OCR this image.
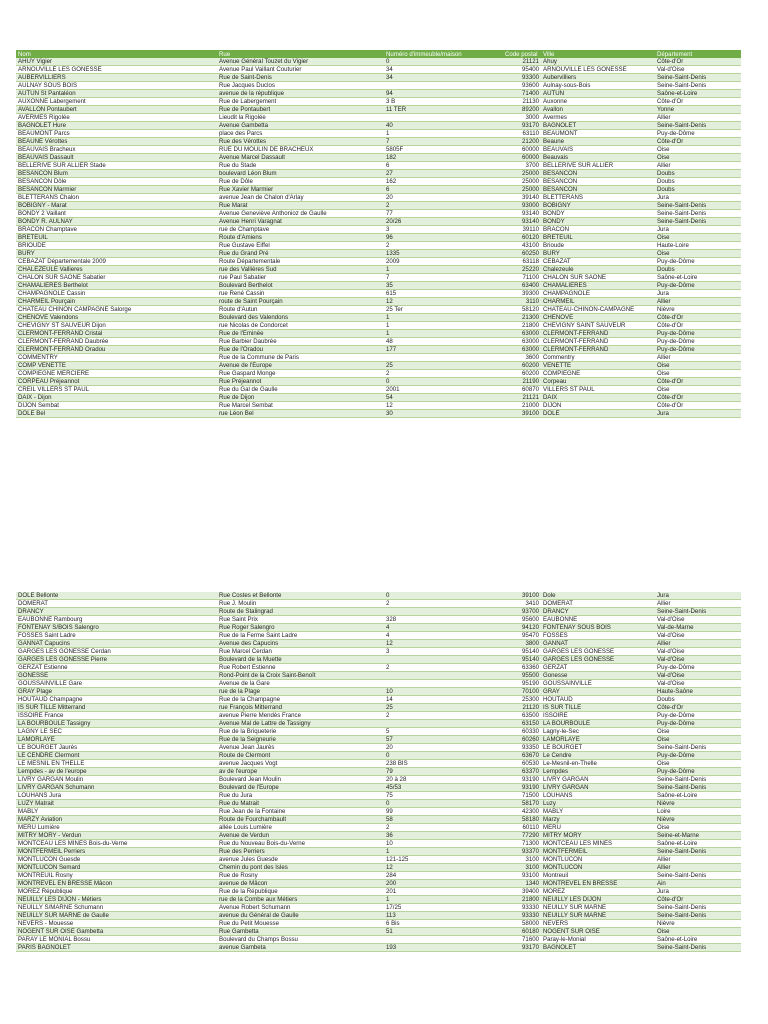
Nom	Rue	Numéro d'immeuble/maison	Code postal	Ville	Département
AHUY Vigier	Avenue Général Touzet du Vigier	0	21121	Ahuy	Côte-d'Or
ARNOUVILLE LES GONESSE	Avenue Paul Vaillant Couturier	34	95400	ARNOUVILLE LES GONESSE	Val-d'Oise
AUBERVILLIERS	Rue de Saint-Denis	34	93300	Aubervilliers	Seine-Saint-Denis
AULNAY SOUS BOIS	Rue Jacques Duclos		93600	Aulnay-sous-Bois	Seine-Saint-Denis
AUTUN St Pantaléon	avenue de la république	94	71400	AUTUN	Saône-et-Loire
AUXONNE Labergement	Rue de Labergement	3 B	21130	Auxonne	Côte-d'Or
AVALLON Pontaubert	Rue de Pontaubert	11 TER	89200	Avallon	Yonne
AVERMES Rigolée	Lieudit la Rigolée		3000	Avermes	Allier
BAGNOLET Hure	Avenue Gambetta	40	93170	BAGNOLET	Seine-Saint-Denis
BEAUMONT Parcs	place des Parcs	1	63110	BEAUMONT	Puy-de-Dôme
BEAUNE Vérottes	Rue des Vérottes	7	21200	Beaune	Côte-d'Or
BEAUVAIS Bracheux	RUE DU MOULIN DE BRACHEUX	5805F	60000	BEAUVAIS	Oise
BEAUVAIS Dassault	Avenue Marcel Dassault	182	60000	Beauvais	Oise
BELLERIVE SUR ALLIER Stade	Rue du Stade	6	3700	BELLERIVE SUR ALLIER	Allier
BESANCON Blum	boulevard Léon Blum	27	25000	BESANCON	Doubs
BESANCON Dôle	Rue de Dôle	162	25000	BESANCON	Doubs
BESANCON Marmier	Rue Xavier Marmier	6	25000	BESANCON	Doubs
BLETTERANS Chalon	avenue Jean de Chalon d'Arlay	20	39140	BLETTERANS	Jura
BOBIGNY - Marat	Rue Marat	2	93000	BOBIGNY	Seine-Saint-Denis
BONDY 2 Vaillant	Avenue Geneviève Anthonioz de Gaulle	77	93140	BONDY	Seine-Saint-Denis
BONDY R. AULNAY	Avenue Henri Varagnat	20/26	93140	BONDY	Seine-Saint-Denis
BRACON Champtave	rue de Champtave	3	39110	BRACON	Jura
BRETEUIL	Route d'Amiens	96	60120	BRETEUIL	Oise
BRIOUDE	Rue Gustave Eiffel	2	43100	Brioude	Haute-Loire
BURY	Rue du Grand Pré	1335	60250	BURY	Oise
CEBAZAT Départementale 2009	Route Départementale	2009	63118	CEBAZAT	Puy-de-Dôme
CHALEZEULE Vallieres	rue des Vallières Sud	1	25220	Chalezeule	Doubs
CHALON SUR SAONE Sabatier	rue Paul Sabatier	7	71100	CHALON SUR SAONE	Saône-et-Loire
CHAMALIERES Berthelot	Boulevard Berthelot	35	63400	CHAMALIERES	Puy-de-Dôme
CHAMPAGNOLE Cassin	rue René Cassin	615	39300	CHAMPAGNOLE	Jura
CHARMEIL Pourçain	route de Saint Pourçain	12	3110	CHARMEIL	Allier
CHATEAU CHINON CAMPAGNE Salorge	Route d'Autun	25 Ter	58120	CHATEAU-CHINON-CAMPAGNE	Nièvre
CHENOVE Valendons	Boulevard des Valendons	1	21300	CHENOVE	Côte-d'Or
CHEVIGNY ST SAUVEUR Dijon	rue Nicolas de Condorcet	1	21800	CHEVIGNY SAINT SAUVEUR	Côte-d'Or
CLERMONT-FERRAND Cristal	Rue de l'Eminée	1	63000	CLERMONT-FERRAND	Puy-de-Dôme
CLERMONT-FERRAND Daubrée	Rue Barbier Daubrée	48	63000	CLERMONT-FERRAND	Puy-de-Dôme
CLERMONT-FERRAND Oradou	Rue de l'Oradou	177	63000	CLERMONT-FERRAND	Puy-de-Dôme
COMMENTRY	Rue de la Commune de Paris		3600	Commentry	Allier
COMP VENETTE	Avenue de l'Europe	25	60200	VENETTE	Oise
COMPIEGNE MERCIERE	Rue Gaspard Monge	2	60200	COMPIEGNE	Oise
CORPEAU Préjeannot	Rue Préjeannot	0	21190	Corpeau	Côte-d'Or
CREIL VILLERS ST PAUL	Rue du Gal de Gaulle	2001	60870	VILLERS ST PAUL	Oise
DAIX - Dijon	Rue de Dijon	54	21121	DAIX	Côte-d'Or
DIJON Sembat	Rue Marcel Sembat	12	21000	DIJON	Côte-d'Or
DOLE Bel	rue Léon Bel	30	39100	DOLE	Jura
DOLE Bellonte	Rue Costes et Bellonte	0	39100	Dole	Jura
DOMERAT	Rue J. Moulin	2	3410	DOMERAT	Allier
DRANCY	Route de Stalingrad		93700	DRANCY	Seine-Saint-Denis
EAUBONNE Rambourg	Rue Saint Prix	328	95600	EAUBONNE	Val-d'Oise
FONTENAY S/BOIS Salengro	Rue Roger Salengro	4	94120	FONTENAY SOUS BOIS	Val-de-Marne
FOSSES Saint Ladre	Rue de la Ferme Saint Ladre	4	95470	FOSSES	Val-d'Oise
GANNAT Capucins	Avenue des Capucins	12	3800	GANNAT	Allier
GARGES LES GONESSE Cerdan	Rue Marcel Cerdan	3	95140	GARGES LES GONESSE	Val-d'Oise
GARGES LES GONESSE Pierre	Boulevard de la Muette		95140	GARGES LES GONESSE	Val-d'Oise
GERZAT Estienne	Rue Robert Estienne	2	63360	GERZAT	Puy-de-Dôme
GONESSE	Rond-Point de la Croix Saint-Benoît		95500	Gonesse	Val-d'Oise
GOUSSAINVILLE Gare	Avenue de la Gare		95190	GOUSSAINVILLE	Val-d'Oise
GRAY Plage	rue de la Plage	10	70100	GRAY	Haute-Saône
HOUTAUD Champagne	Rue de la Champagne	14	25300	HOUTAUD	Doubs
IS SUR TILLE Mitterrand	rue François Mitterrand	25	21120	IS SUR TILLE	Côte-d'Or
ISSOIRE France	avenue Pierre Mendès France	2	63500	ISSOIRE	Puy-de-Dôme
LA BOURBOULE Tassigny	Avenue Mal de Lattre de Tassigny		63150	LA BOURBOULE	Puy-de-Dôme
LAGNY LE SEC	Rue de la Briqueterie	5	60330	Lagny-le-Sec	Oise
LAMORLAYE	Rue de la Seigneurie	57	60260	LAMORLAYE	Oise
LE BOURGET Jaurès	Avenue Jean Jaurès	20	93350	LE BOURGET	Seine-Saint-Denis
LE CENDRE Clermont	Route de Clermont	0	63670	Le Cendre	Puy-de-Dôme
LE MESNIL EN THELLE	avenue Jacques Vogt	238 BIS	60530	Le-Mesnil-en-Thelle	Oise
Lempdes - av de l'europe	av de l'europe	79	63370	Lempdes	Puy-de-Dôme
LIVRY GARGAN Moulin	Boulevard Jean Moulin	20 à 28	93190	LIVRY GARGAN	Seine-Saint-Denis
LIVRY GARGAN Schumann	Boulevard de l'Europe	45/53	93190	LIVRY GARGAN	Seine-Saint-Denis
LOUHANS Jura	Rue du Jura	75	71500	LOUHANS	Saône-et-Loire
LUZY Matrait	Rue du Matrait	0	58170	Luzy	Nièvre
MABLY	Rue Jean de la Fontaine	99	42300	MABLY	Loire
MARZY Aviation	Route de Fourchambault	58	58180	Marzy	Nièvre
MERU Lumière	allée Louis Lumière	2	60110	MERU	Oise
MITRY MORY - Verdun	Avenue de Verdun	36	77290	MITRY MORY	Seine-et-Marne
MONTCEAU LES MINES Bois-du-Verne	Rue du Nouveau Bois-du-Verne	10	71300	MONTCEAU LES MINES	Saône-et-Loire
MONTFERMEIL Perriers	Rue des Perriers	1	93370	MONTFERMEIL	Seine-Saint-Denis
MONTLUCON Guesde	avenue Jules Guesde	121-125	3100	MONTLUCON	Allier
MONTLUCON Semard	Chemin du pont des Isles	12	3100	MONTLUCON	Allier
MONTREUIL Rosny	Rue de Rosny	284	93100	Montreuil	Seine-Saint-Denis
MONTREVEL EN BRESSE Mâcon	avenue de Mâcon	200	1340	MONTREVEL EN BRESSE	Ain
MOREZ République	Rue de la République	201	39400	MOREZ	Jura
NEUILLY LES DIJON - Métiers	rue de la Combe aux Métiers	1	21800	NEUILLY LES DIJON	Côte-d'Or
NEUILLY S/MARNE Schumann	Avenue Robert Schumann	17/25	93330	NEUILLY SUR MARNE	Seine-Saint-Denis
NEUILLY SUR MARNE de Gaulle	avenue du Général de Gaulle	113	93330	NEUILLY SUR MARNE	Seine-Saint-Denis
NEVERS - Mouesse	Rue du Petit Mouesse	6 Bis	58000	NEVERS	Nièvre
NOGENT SUR OISE Gambetta	Rue Gambetta	51	60180	NOGENT SUR OISE	Oise
PARAY LE MONIAL Bossu	Boulevard du Champs Bossu		71600	Paray-le-Monial	Saône-et-Loire
PARIS BAGNOLET	avenue Gambeta	193	93170	BAGNOLET	Seine-Saint-Denis
